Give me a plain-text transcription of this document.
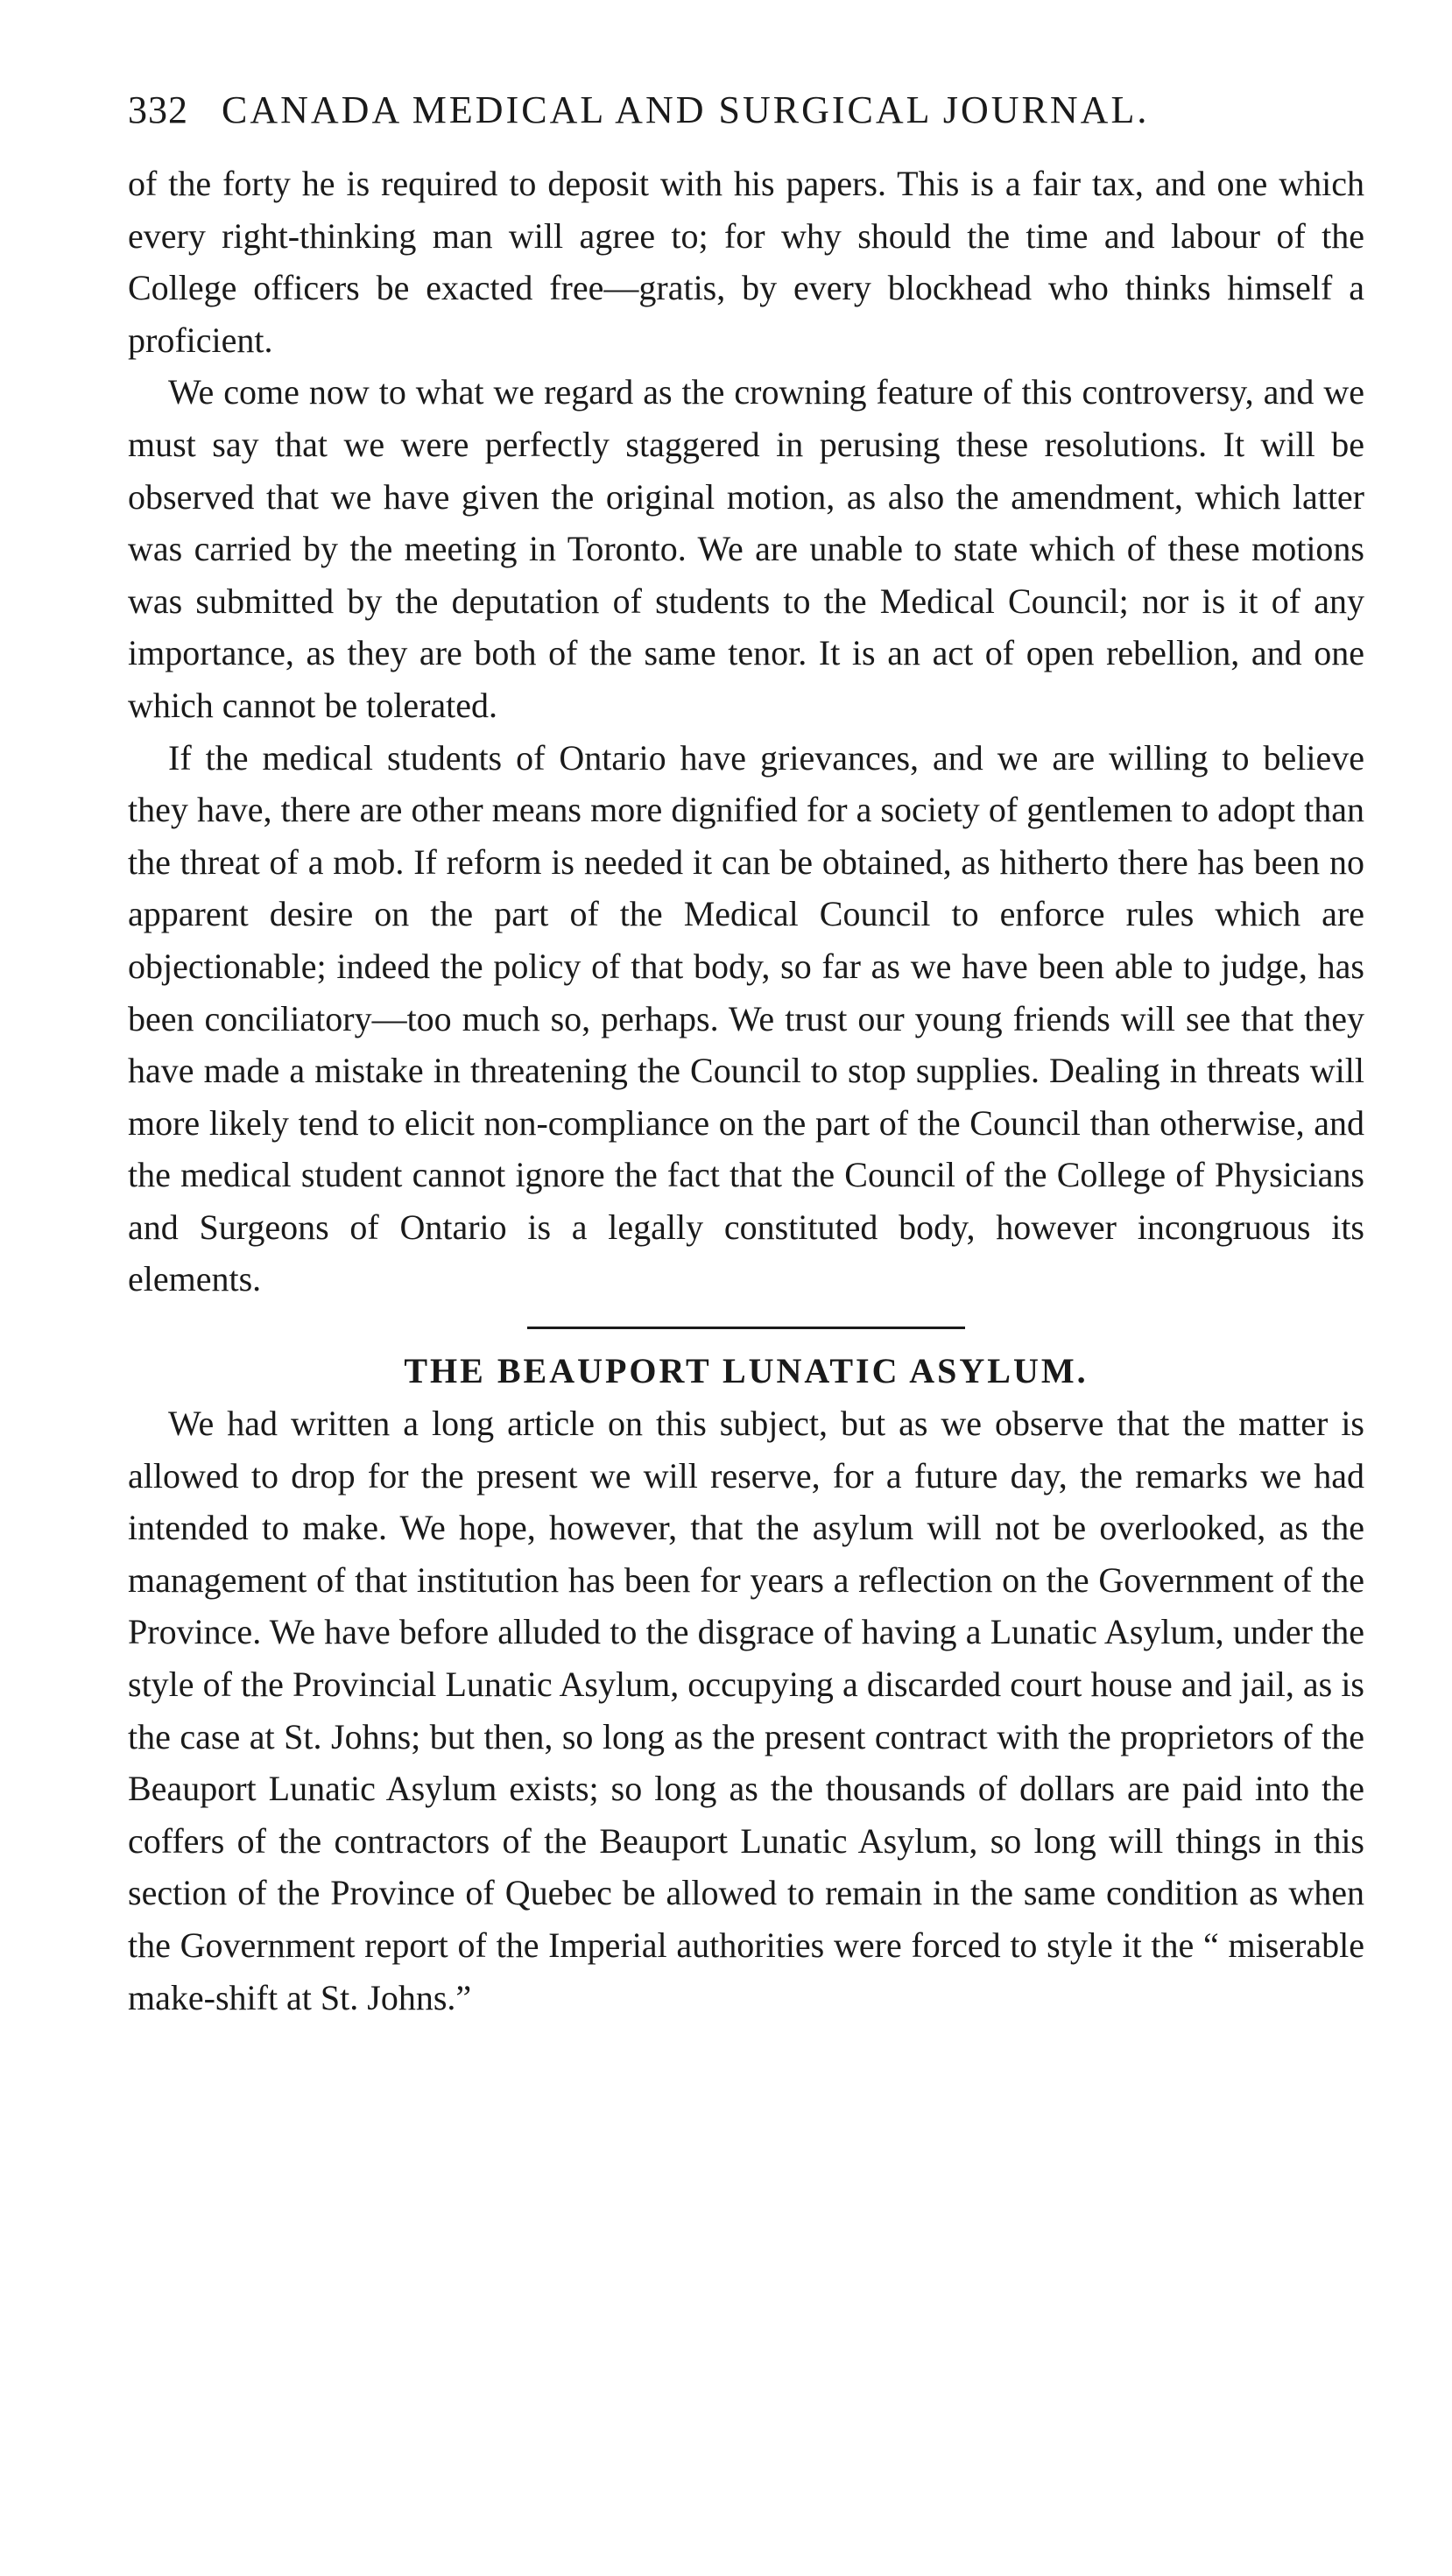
332 CANADA MEDICAL AND SURGICAL JOURNAL.

of the forty he is required to deposit with his papers. This is a fair tax, and one which every right-thinking man will agree to; for why should the time and labour of the College officers be exacted free—gratis, by every blockhead who thinks himself a proficient.

We come now to what we regard as the crowning feature of this controversy, and we must say that we were perfectly staggered in perusing these resolutions. It will be observed that we have given the original motion, as also the amendment, which latter was carried by the meeting in Toronto. We are unable to state which of these motions was submitted by the deputation of students to the Medical Council; nor is it of any importance, as they are both of the same tenor. It is an act of open rebellion, and one which cannot be tolerated.

If the medical students of Ontario have grievances, and we are willing to believe they have, there are other means more dignified for a society of gentlemen to adopt than the threat of a mob. If reform is needed it can be obtained, as hitherto there has been no apparent desire on the part of the Medical Council to enforce rules which are objectionable; indeed the policy of that body, so far as we have been able to judge, has been conciliatory—too much so, perhaps. We trust our young friends will see that they have made a mistake in threatening the Council to stop supplies. Dealing in threats will more likely tend to elicit non-compliance on the part of the Council than otherwise, and the medical student cannot ignore the fact that the Council of the College of Physicians and Surgeons of Ontario is a legally constituted body, however incongruous its elements.

THE BEAUPORT LUNATIC ASYLUM.

We had written a long article on this subject, but as we observe that the matter is allowed to drop for the present we will reserve, for a future day, the remarks we had intended to make. We hope, however, that the asylum will not be overlooked, as the management of that institution has been for years a reflection on the Government of the Province. We have before alluded to the disgrace of having a Lunatic Asylum, under the style of the Provincial Lunatic Asylum, occupying a discarded court house and jail, as is the case at St. Johns; but then, so long as the present contract with the proprietors of the Beauport Lunatic Asylum exists; so long as the thousands of dollars are paid into the coffers of the contractors of the Beauport Lunatic Asylum, so long will things in this section of the Province of Quebec be allowed to remain in the same condition as when the Government report of the Imperial authorities were forced to style it the “ miserable make-shift at St. Johns.”
